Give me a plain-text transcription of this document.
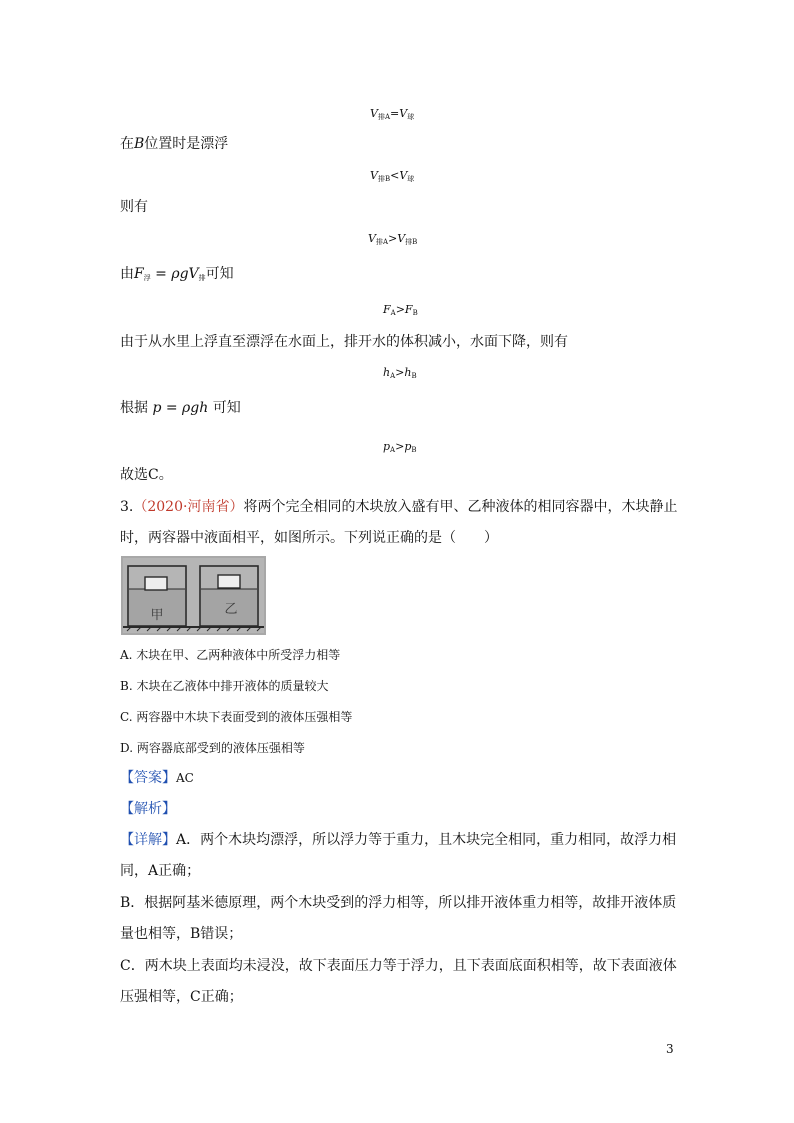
$V_{排A}=V_球$
在B位置时是漂浮
$V_{排B}<V_球$
则有
$V_{排A}>V_{排B}$
由$F_浮 = \rho gV_排$可知
$F_A>F_B$
由于从水里上浮直至漂浮在水面上，排开水的体积减小，水面下降，则有
$h_A>h_B$
根据 p = ρgh 可知
$p_A>p_B$
故选C。
3.（2020·河南省）将两个完全相同的木块放入盛有甲、乙种液体的相同容器中，木块静止
时，两容器中液面相平，如图所示。下列说正确的是（　　）
甲	乙
A. 木块在甲、乙两种液体中所受浮力相等
B. 木块在乙液体中排开液体的质量较大
C. 两容器中木块下表面受到的液体压强相等
D. 两容器底部受到的液体压强相等
【答案】AC
【解析】
【详解】A．两个木块均漂浮，所以浮力等于重力，且木块完全相同，重力相同，故浮力相
同，A正确；
B．根据阿基米德原理，两个木块受到的浮力相等，所以排开液体重力相等，故排开液体质
量也相等，B错误；
C．两木块上表面均未浸没，故下表面压力等于浮力，且下表面底面积相等，故下表面液体
压强相等，C正确；
3
